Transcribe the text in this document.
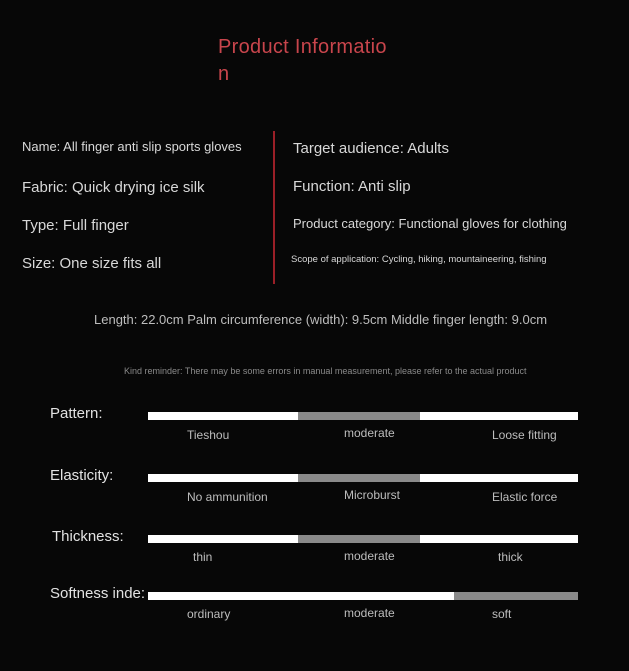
Product Informatio
n
Name: All finger anti slip sports gloves
Fabric: Quick drying ice silk
Type: Full finger
Size: One size fits all
Target audience: Adults
Function: Anti slip
Product category: Functional gloves for clothing
Scope of application: Cycling, hiking, mountaineering, fishing
Length: 22.0cm Palm circumference (width): 9.5cm Middle finger length: 9.0cm
Kind reminder: There may be some errors in manual measurement, please refer to the actual product
Pattern:
Tieshou	moderate	Loose fitting
Elasticity:
No ammunition	Microburst	Elastic force
Thickness:
thin	moderate	thick
Softness inde:
ordinary	moderate	soft
